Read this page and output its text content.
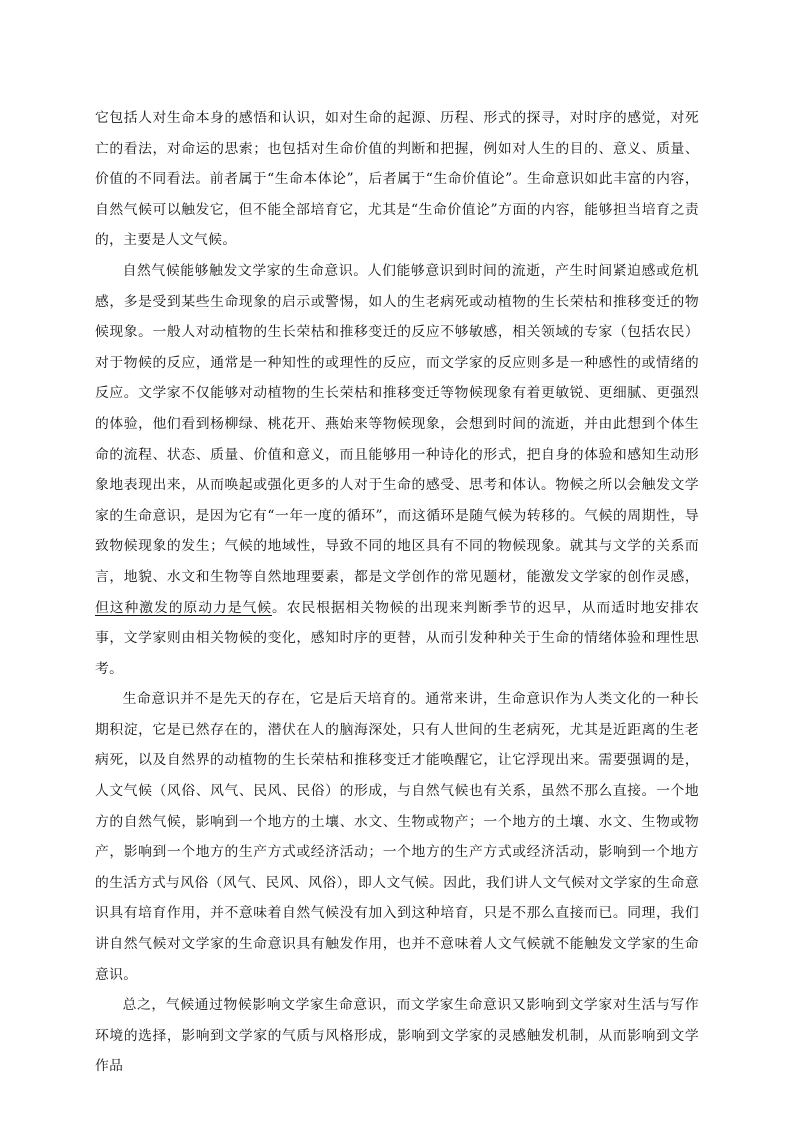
它包括人对生命本身的感悟和认识，如对生命的起源、历程、形式的探寻，对时序的感觉，对死亡的看法，对命运的思索；也包括对生命价值的判断和把握，例如对人生的目的、意义、质量、价值的不同看法。前者属于“生命本体论”，后者属于“生命价值论”。生命意识如此丰富的内容，自然气候可以触发它，但不能全部培育它，尤其是“生命价值论”方面的内容，能够担当培育之责的，主要是人文气候。

自然气候能够触发文学家的生命意识。人们能够意识到时间的流逝，产生时间紧迫感或危机感，多是受到某些生命现象的启示或警惕，如人的生老病死或动植物的生长荣枯和推移变迁的物候现象。一般人对动植物的生长荣枯和推移变迁的反应不够敏感，相关领域的专家（包括农民）对于物候的反应，通常是一种知性的或理性的反应，而文学家的反应则多是一种感性的或情绪的反应。文学家不仅能够对动植物的生长荣枯和推移变迁等物候现象有着更敏锐、更细腻、更强烈的体验，他们看到杨柳绿、桃花开、燕始来等物候现象，会想到时间的流逝，并由此想到个体生命的流程、状态、质量、价值和意义，而且能够用一种诗化的形式，把自身的体验和感知生动形象地表现出来，从而唤起或强化更多的人对于生命的感受、思考和体认。物候之所以会触发文学家的生命意识，是因为它有“一年一度的循环”，而这循环是随气候为转移的。气候的周期性，导致物候现象的发生；气候的地域性，导致不同的地区具有不同的物候现象。就其与文学的关系而言，地貌、水文和生物等自然地理要素，都是文学创作的常见题材，能激发文学家的创作灵感，但这种激发的原动力是气候。农民根据相关物候的出现来判断季节的迟早，从而适时地安排农事，文学家则由相关物候的变化，感知时序的更替，从而引发种种关于生命的情绪体验和理性思考。

生命意识并不是先天的存在，它是后天培育的。通常来讲，生命意识作为人类文化的一种长期积淀，它是已然存在的，潜伏在人的脑海深处，只有人世间的生老病死，尤其是近距离的生老病死，以及自然界的动植物的生长荣枯和推移变迁才能唤醒它，让它浮现出来。需要强调的是，人文气候（风俗、风气、民风、民俗）的形成，与自然气候也有关系，虽然不那么直接。一个地方的自然气候，影响到一个地方的土壤、水文、生物或物产；一个地方的土壤、水文、生物或物产，影响到一个地方的生产方式或经济活动；一个地方的生产方式或经济活动，影响到一个地方的生活方式与风俗（风气、民风、风俗），即人文气候。因此，我们讲人文气候对文学家的生命意识具有培育作用，并不意味着自然气候没有加入到这种培育，只是不那么直接而已。同理，我们讲自然气候对文学家的生命意识具有触发作用，也并不意味着人文气候就不能触发文学家的生命意识。

总之，气候通过物候影响文学家生命意识，而文学家生命意识又影响到文学家对生活与写作环境的选择，影响到文学家的气质与风格形成，影响到文学家的灵感触发机制，从而影响到文学作品
